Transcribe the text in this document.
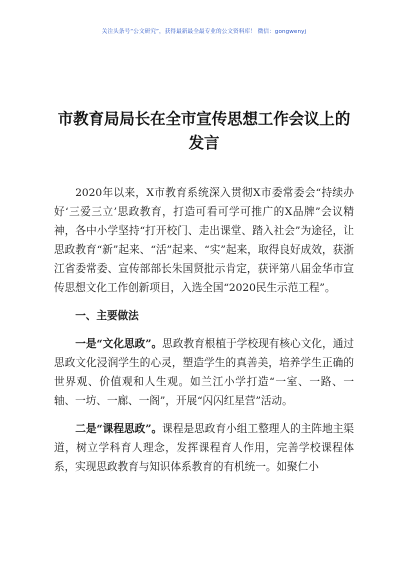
关注头条号“公文研究”，获得最新最全最专业的公文资料库！ 微信：gongwenyj
市教育局局长在全市宣传思想工作会议上的发言

2020年以来，X市教育系统深入贯彻X市委常委会“持续办好‘三爱三立’思政教育，打造可看可学可推广的X品牌”会议精神，各中小学坚持“打开校门、走出课堂、踏入社会”为途径，让思政教育“新”起来、“活”起来、“实”起来，取得良好成效，获浙江省委常委、宣传部部长朱国贤批示肯定，获评第八届金华市宣传思想文化工作创新项目，入选全国“2020民生示范工程”。

一、主要做法

一是“文化思政”。思政教育根植于学校现有核心文化，通过思政文化浸润学生的心灵，塑造学生的真善美，培养学生正确的世界观、价值观和人生观。如兰江小学打造“一室、一路、一轴、一坊、一廊、一阁”，开展“闪闪红星营”活动。

二是“课程思政”。课程是思政育小组工整理人的主阵地主渠道，树立学科育人理念，发挥课程育人作用，完善学校课程体系，实现思政教育与知识体系教育的有机统一。如聚仁小
